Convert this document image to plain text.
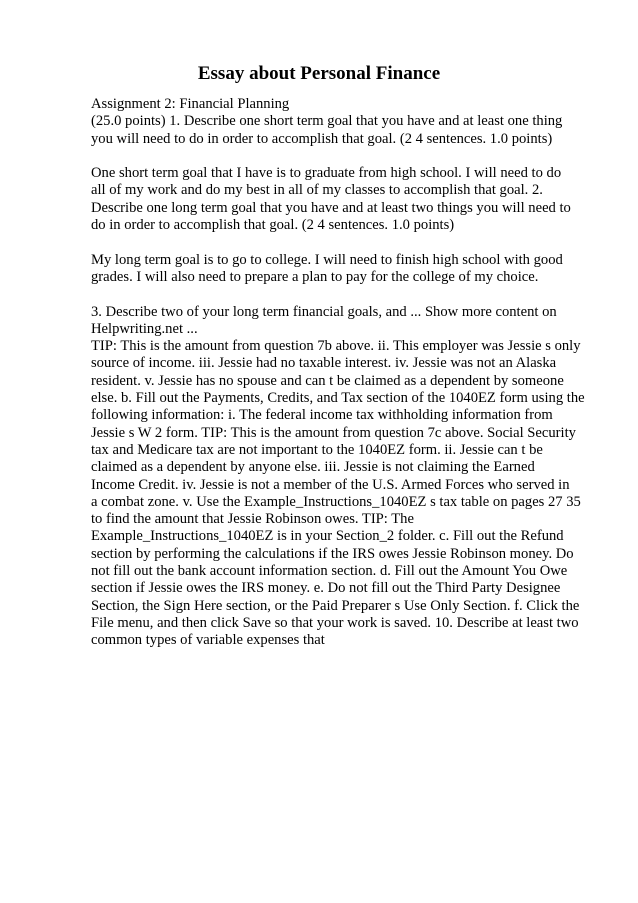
Essay about Personal Finance
Assignment 2: Financial Planning
(25.0 points) 1. Describe one short term goal that you have and at least one thing
you will need to do in order to accomplish that goal. (2 4 sentences. 1.0 points)
One short term goal that I have is to graduate from high school. I will need to do
all of my work and do my best in all of my classes to accomplish that goal. 2.
Describe one long term goal that you have and at least two things you will need to
do in order to accomplish that goal. (2 4 sentences. 1.0 points)
My long term goal is to go to college. I will need to finish high school with good
grades. I will also need to prepare a plan to pay for the college of my choice.
3. Describe two of your long term financial goals, and ... Show more content on
Helpwriting.net ...
TIP: This is the amount from question 7b above. ii. This employer was Jessie s only
source of income. iii. Jessie had no taxable interest. iv. Jessie was not an Alaska
resident. v. Jessie has no spouse and can t be claimed as a dependent by someone
else. b. Fill out the Payments, Credits, and Tax section of the 1040EZ form using the
following information: i. The federal income tax withholding information from
Jessie s W 2 form. TIP: This is the amount from question 7c above. Social Security
tax and Medicare tax are not important to the 1040EZ form. ii. Jessie can t be
claimed as a dependent by anyone else. iii. Jessie is not claiming the Earned
Income Credit. iv. Jessie is not a member of the U.S. Armed Forces who served in
a combat zone. v. Use the Example_Instructions_1040EZ s tax table on pages 27 35
to find the amount that Jessie Robinson owes. TIP: The
Example_Instructions_1040EZ is in your Section_2 folder. c. Fill out the Refund
section by performing the calculations if the IRS owes Jessie Robinson money. Do
not fill out the bank account information section. d. Fill out the Amount You Owe
section if Jessie owes the IRS money. e. Do not fill out the Third Party Designee
Section, the Sign Here section, or the Paid Preparer s Use Only Section. f. Click the
File menu, and then click Save so that your work is saved. 10. Describe at least two
common types of variable expenses that
